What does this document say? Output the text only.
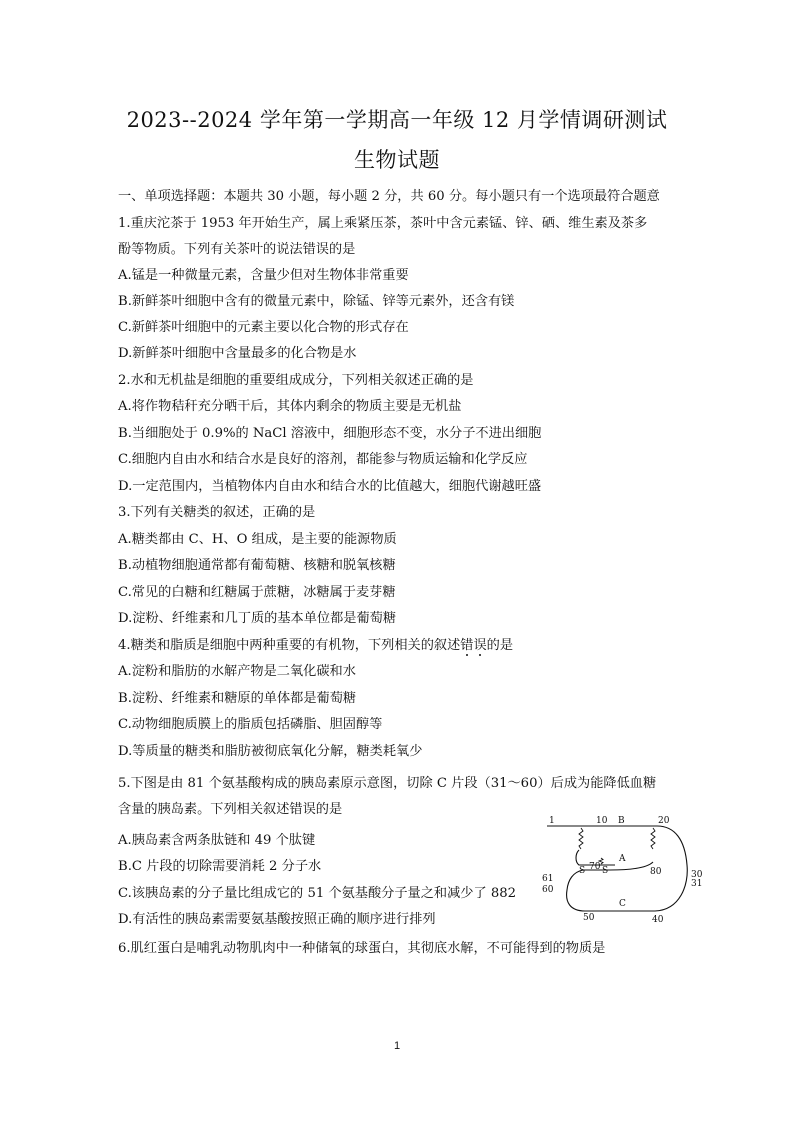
2023--2024 学年第一学期高一年级 12 月学情调研测试
生物试题
一、单项选择题：本题共 30 小题，每小题 2 分，共 60 分。每小题只有一个选项最符合题意
1.重庆沱茶于 1953 年开始生产，属上乘紧压茶，茶叶中含元素锰、锌、硒、维生素及茶多
酚等物质。下列有关茶叶的说法错误的是
A.锰是一种微量元素，含量少但对生物体非常重要
B.新鲜茶叶细胞中含有的微量元素中，除锰、锌等元素外，还含有镁
C.新鲜茶叶细胞中的元素主要以化合物的形式存在
D.新鲜茶叶细胞中含量最多的化合物是水
2.水和无机盐是细胞的重要组成成分，下列相关叙述正确的是
A.将作物秸秆充分晒干后，其体内剩余的物质主要是无机盐
B.当细胞处于 0.9%的 NaCl 溶液中，细胞形态不变，水分子不进出细胞
C.细胞内自由水和结合水是良好的溶剂，都能参与物质运输和化学反应
D.一定范围内，当植物体内自由水和结合水的比值越大，细胞代谢越旺盛
3.下列有关糖类的叙述，正确的是
A.糖类都由 C、H、O 组成，是主要的能源物质
B.动植物细胞通常都有葡萄糖、核糖和脱氧核糖
C.常见的白糖和红糖属于蔗糖，冰糖属于麦芽糖
D.淀粉、纤维素和几丁质的基本单位都是葡萄糖
4.糖类和脂质是细胞中两种重要的有机物，下列相关的叙述错误的是
A.淀粉和脂肪的水解产物是二氧化碳和水
B.淀粉、纤维素和糖原的单体都是葡萄糖
C.动物细胞质膜上的脂质包括磷脂、胆固醇等
D.等质量的糖类和脂肪被彻底氧化分解，糖类耗氧少
5.下图是由 81 个氨基酸构成的胰岛素原示意图，切除 C 片段（31～60）后成为能降低血糖
含量的胰岛素。下列相关叙述错误的是
A.胰岛素含两条肽链和 49 个肽键
B.C 片段的切除需要消耗 2 分子水
C.该胰岛素的分子量比组成它的 51 个氨基酸分子量之和减少了 882
D.有活性的胰岛素需要氨基酸按照正确的顺序进行排列
6.肌红蛋白是哺乳动物肌肉中一种储氧的球蛋白，其彻底水解，不可能得到的物质是
1	10 B	20
61
60
70
A
80	30
31
C
50	40
S S
1
